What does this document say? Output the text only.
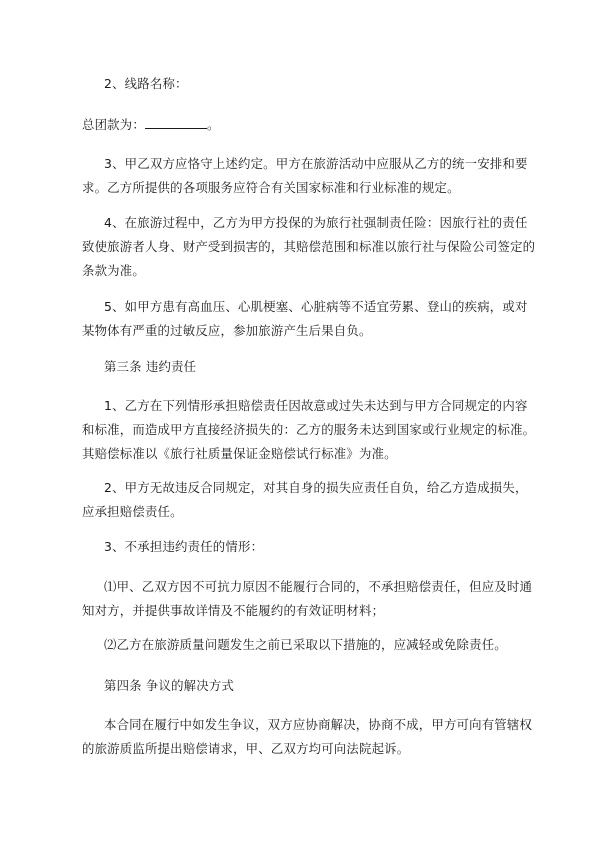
2、线路名称：

总团款为：	。

3、甲乙双方应恪守上述约定。甲方在旅游活动中应服从乙方的统一安排和要求。乙方所提供的各项服务应符合有关国家标准和行业标准的规定。

4、在旅游过程中，乙方为甲方投保的为旅行社强制责任险：因旅行社的责任致使旅游者人身、财产受到损害的，其赔偿范围和标准以旅行社与保险公司签定的条款为准。

5、如甲方患有高血压、心肌梗塞、心脏病等不适宜劳累、登山的疾病，或对某物体有严重的过敏反应，参加旅游产生后果自负。

第三条 违约责任

1、乙方在下列情形承担赔偿责任因故意或过失未达到与甲方合同规定的内容和标准，而造成甲方直接经济损失的：乙方的服务未达到国家或行业规定的标准。其赔偿标准以《旅行社质量保证金赔偿试行标准》为准。

2、甲方无故违反合同规定，对其自身的损失应责任自负，给乙方造成损失，应承担赔偿责任。

3、不承担违约责任的情形：

⑴甲、乙双方因不可抗力原因不能履行合同的，不承担赔偿责任，但应及时通知对方，并提供事故详情及不能履约的有效证明材料；

⑵乙方在旅游质量问题发生之前已采取以下措施的，应减轻或免除责任。

第四条 争议的解决方式

本合同在履行中如发生争议，双方应协商解决，协商不成，甲方可向有管辖权的旅游质监所提出赔偿请求，甲、乙双方均可向法院起诉。
